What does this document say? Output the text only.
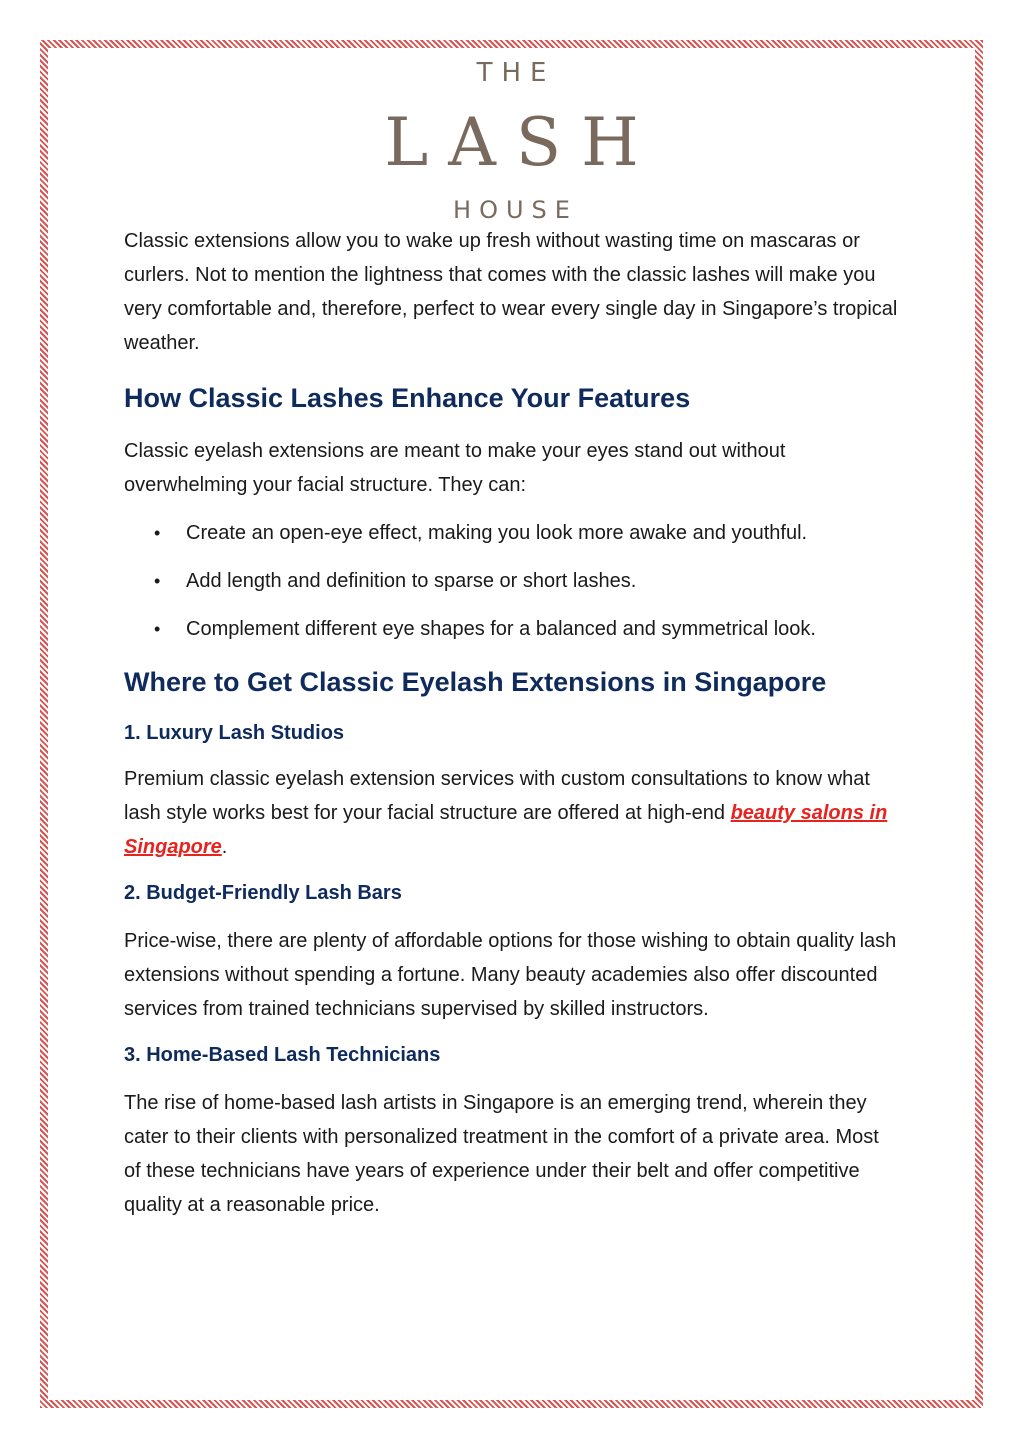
THE
LASH
HOUSE

Classic extensions allow you to wake up fresh without wasting time on mascaras or curlers. Not to mention the lightness that comes with the classic lashes will make you very comfortable and, therefore, perfect to wear every single day in Singapore’s tropical weather.

How Classic Lashes Enhance Your Features

Classic eyelash extensions are meant to make your eyes stand out without overwhelming your facial structure. They can:

• Create an open-eye effect, making you look more awake and youthful.
• Add length and definition to sparse or short lashes.
• Complement different eye shapes for a balanced and symmetrical look.
Where to Get Classic Eyelash Extensions in Singapore
1. Luxury Lash Studios

Premium classic eyelash extension services with custom consultations to know what lash style works best for your facial structure are offered at high-end beauty salons in Singapore.

2. Budget-Friendly Lash Bars

Price-wise, there are plenty of affordable options for those wishing to obtain quality lash extensions without spending a fortune. Many beauty academies also offer discounted services from trained technicians supervised by skilled instructors.

3. Home-Based Lash Technicians

The rise of home-based lash artists in Singapore is an emerging trend, wherein they cater to their clients with personalized treatment in the comfort of a private area. Most of these technicians have years of experience under their belt and offer competitive quality at a reasonable price.
